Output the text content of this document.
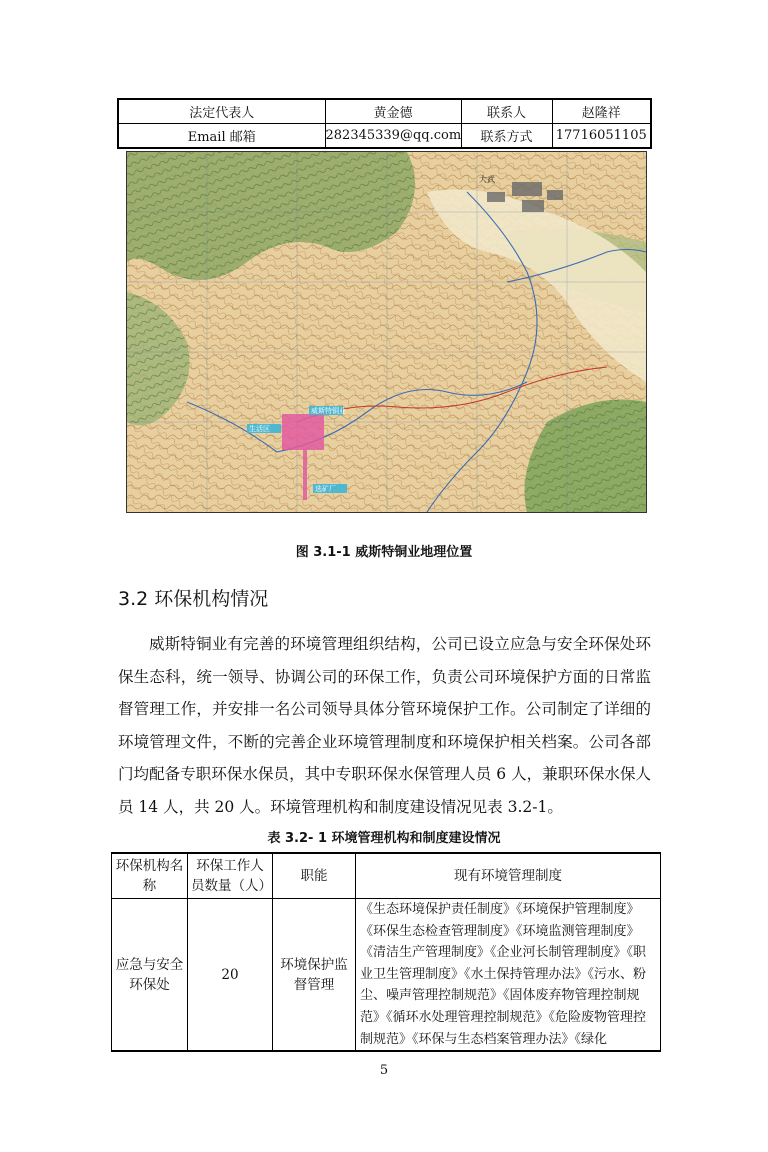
法定代表人	黄金德	联系人	赵隆祥
Email 邮箱	282345339@qq.com	联系方式	17716051105
大武
生活区
威斯特铜业
选矿厂
图 3.1-1 威斯特铜业地理位置
3.2 环保机构情况

威斯特铜业有完善的环境管理组织结构，公司已设立应急与安全环保处环保生态科，统一领导、协调公司的环保工作，负责公司环境保护方面的日常监督管理工作，并安排一名公司领导具体分管环境保护工作。公司制定了详细的环境管理文件，不断的完善企业环境管理制度和环境保护相关档案。公司各部门均配备专职环保水保员，其中专职环保水保管理人员 6 人，兼职环保水保人员 14 人，共 20 人。环境管理机构和制度建设情况见表 3.2-1。

表 3.2- 1 环境管理机构和制度建设情况
环保机构名称	环保工作人员数量（人）	职能	现有环境管理制度
应急与安全环保处	20	环境保护监督管理	《生态环境保护责任制度》《环境保护管理制度》《环保生态检查管理制度》《环境监测管理制度》《清洁生产管理制度》《企业河长制管理制度》《职业卫生管理制度》《水土保持管理办法》《污水、粉尘、噪声管理控制规范》《固体废弃物管理控制规范》《循环水处理管理控制规范》《危险废物管理控制规范》《环保与生态档案管理办法》《绿化
5
